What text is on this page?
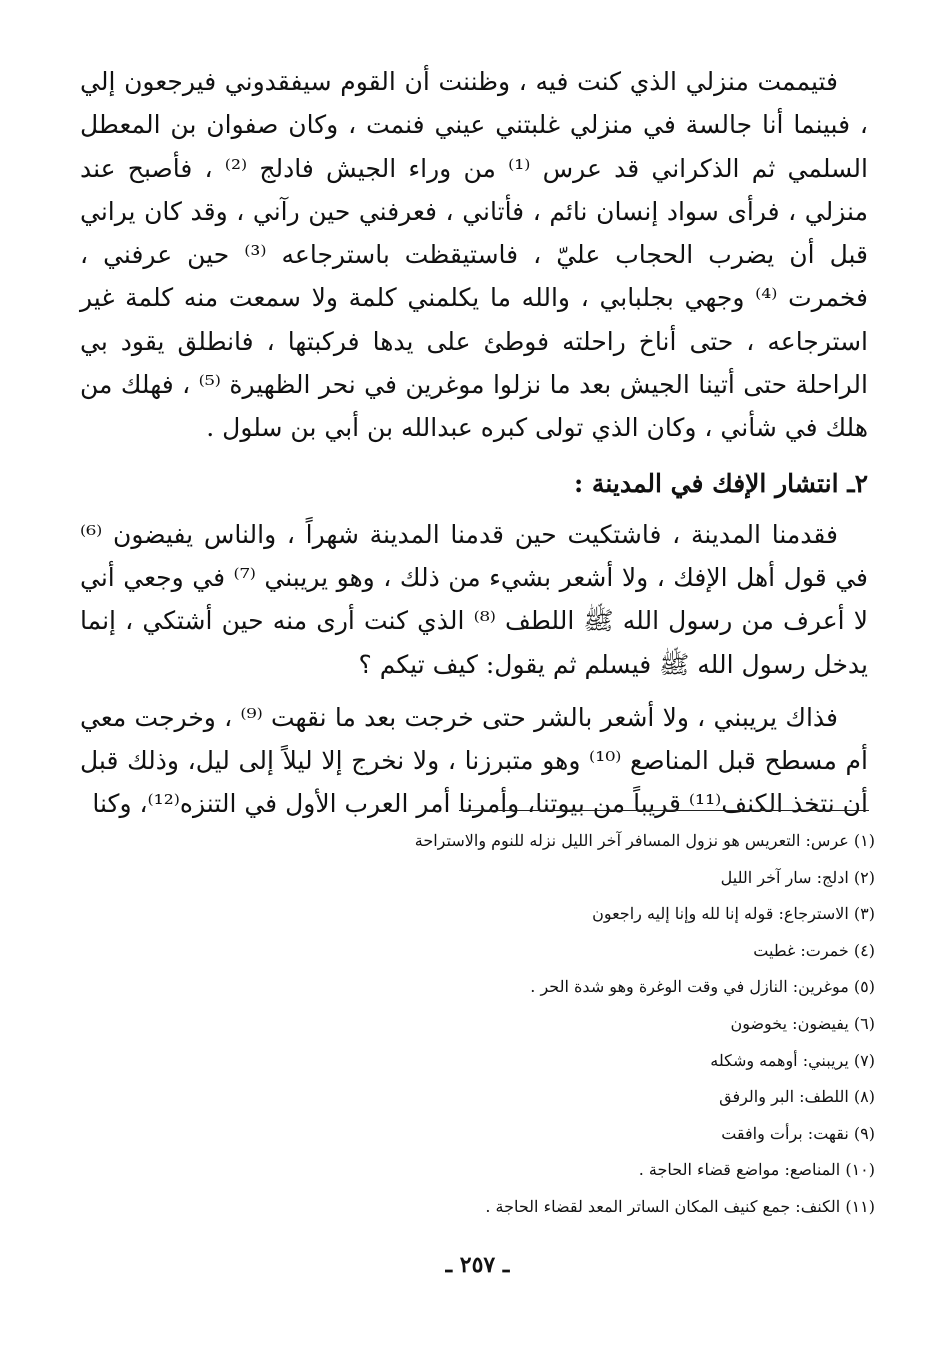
فتيممت منزلي الذي كنت فيه ، وظننت أن القوم سيفقدوني فيرجعون إلي ، فبينما أنا جالسة في منزلي غلبتني عيني فنمت ، وكان صفوان بن المعطل السلمي ثم الذكراني قد عرس ⁽¹⁾ من وراء الجيش فادلج ⁽²⁾ ، فأصبح عند منزلي ، فرأى سواد إنسان نائم ، فأتاني ، فعرفني حين رآني ، وقد كان يراني قبل أن يضرب الحجاب عليّ ، فاستيقظت باسترجاعه ⁽³⁾ حين عرفني ، فخمرت ⁽⁴⁾ وجهي بجلبابي ، والله ما يكلمني كلمة ولا سمعت منه كلمة غير استرجاعه ، حتى أناخ راحلته فوطئ على يدها فركبتها ، فانطلق يقود بي الراحلة حتى أتينا الجيش بعد ما نزلوا موغرين في نحر الظهيرة ⁽⁵⁾ ، فهلك من هلك في شأني ، وكان الذي تولى كبره عبدالله بن أبي بن سلول .

٢ـ انتشار الإفك في المدينة :

فقدمنا المدينة ، فاشتكيت حين قدمنا المدينة شهراً ، والناس يفيضون ⁽⁶⁾ في قول أهل الإفك ، ولا أشعر بشيء من ذلك ، وهو يريبني ⁽⁷⁾ في وجعي أني لا أعرف من رسول الله ﷺ اللطف ⁽⁸⁾ الذي كنت أرى منه حين أشتكي ، إنما يدخل رسول الله ﷺ فيسلم ثم يقول: كيف تيكم ؟

فذاك يريبني ، ولا أشعر بالشر حتى خرجت بعد ما نقهت ⁽⁹⁾ ، وخرجت معي أم مسطح قبل المناصع ⁽¹⁰⁾ وهو متبرزنا ، ولا نخرج إلا ليلاً إلى ليل، وذلك قبل أن نتخذ الكنف⁽¹¹⁾ قريباً من بيوتنا، وأمرنا أمر العرب الأول في التنزه⁽¹²⁾، وكنا

(١) عرس: التعريس هو نزول المسافر آخر الليل نزله للنوم والاستراحة

(٢) ادلج: سار آخر الليل

(٣) الاسترجاع: قوله إنا لله وإنا إليه راجعون

(٤) خمرت: غطيت

(٥) موغرين: النازل في وقت الوغرة وهو شدة الحر .

(٦) يفيضون: يخوضون

(٧) يريبني: أوهمه وشكله

(٨) اللطف: البر والرفق

(٩) نقهت: برأت وافقت

(١٠) المناصع: مواضع قضاء الحاجة .

(١١) الكنف: جمع كنيف المكان الساتر المعد لقضاء الحاجة .

ـ ٢٥٧ ـ
